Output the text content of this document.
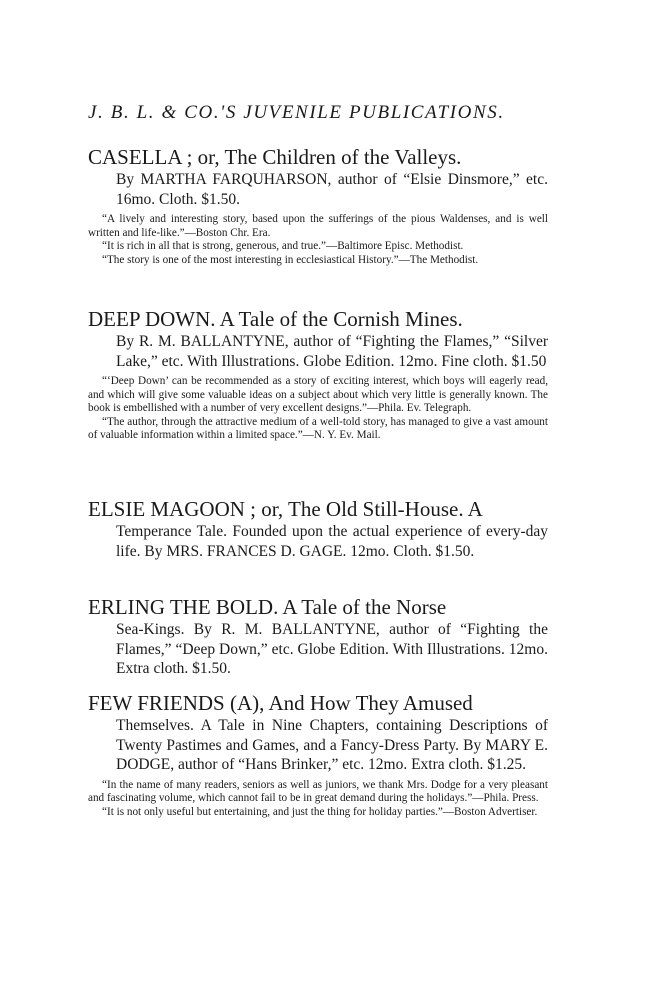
J. B. L. & CO.'S JUVENILE PUBLICATIONS.
CASELLA ; or, The Children of the Valleys.
By MARTHA FARQUHARSON, author of “Elsie Dinsmore,” etc. 16mo. Cloth. $1.50.

“A lively and interesting story, based upon the sufferings of the pious Waldenses, and is well written and life-like.”—Boston Chr. Era.

“It is rich in all that is strong, generous, and true.”—Baltimore Episc. Methodist.

“The story is one of the most interesting in ecclesiastical History.”—The Methodist.

DEEP DOWN. A Tale of the Cornish Mines.
By R. M. BALLANTYNE, author of “Fighting the Flames,” “Silver Lake,” etc. With Illustrations. Globe Edition. 12mo. Fine cloth. $1.50

“‘Deep Down’ can be recommended as a story of exciting interest, which boys will eagerly read, and which will give some valuable ideas on a subject about which very little is generally known. The book is embellished with a number of very excellent designs.”—Phila. Ev. Telegraph.

“The author, through the attractive medium of a well-told story, has managed to give a vast amount of valuable information within a limited space.”—N. Y. Ev. Mail.

ELSIE MAGOON ; or, The Old Still-House. A
Temperance Tale. Founded upon the actual experience of every-day life. By MRS. FRANCES D. GAGE. 12mo. Cloth. $1.50.
ERLING THE BOLD. A Tale of the Norse
Sea-Kings. By R. M. BALLANTYNE, author of “Fighting the Flames,” “Deep Down,” etc. Globe Edition. With Illustrations. 12mo. Extra cloth. $1.50.
FEW FRIENDS (A), And How They Amused
Themselves. A Tale in Nine Chapters, containing Descriptions of Twenty Pastimes and Games, and a Fancy-Dress Party. By MARY E. DODGE, author of “Hans Brinker,” etc. 12mo. Extra cloth. $1.25.

“In the name of many readers, seniors as well as juniors, we thank Mrs. Dodge for a very pleasant and fascinating volume, which cannot fail to be in great demand during the holidays.”—Phila. Press.

“It is not only useful but entertaining, and just the thing for holiday parties.”—Boston Advertiser.
